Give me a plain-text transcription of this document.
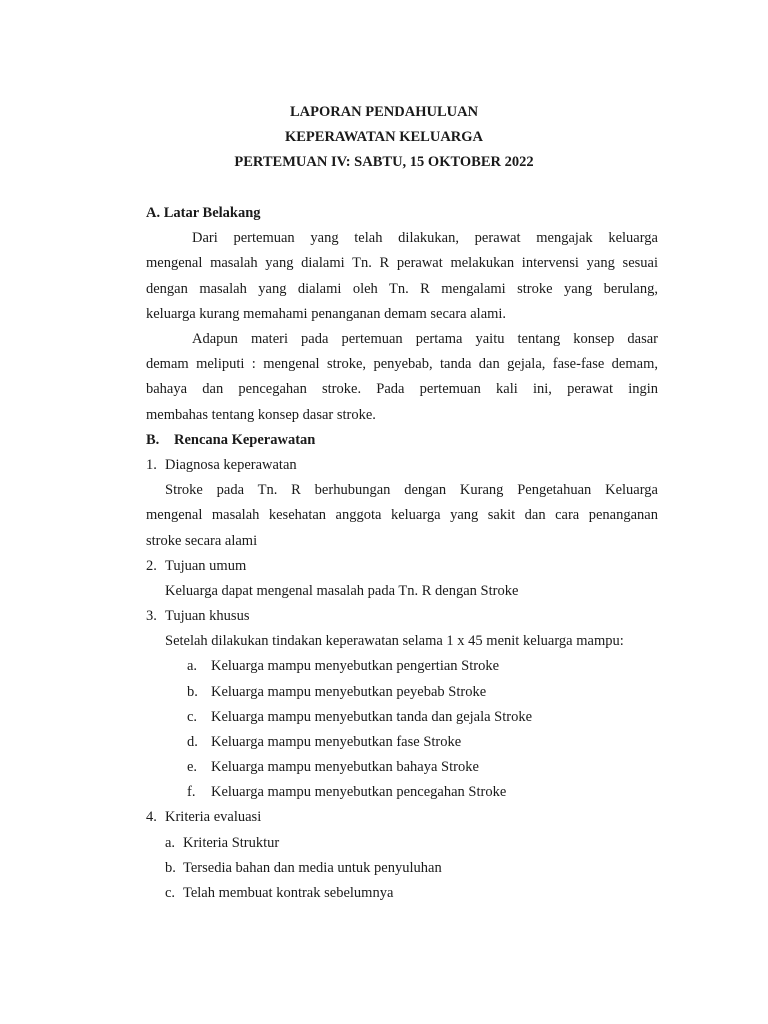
LAPORAN PENDAHULUAN
KEPERAWATAN KELUARGA
PERTEMUAN IV: SABTU, 15 OKTOBER 2022
A. Latar Belakang
Dari pertemuan yang telah dilakukan, perawat mengajak keluarga
mengenal masalah yang dialami Tn. R perawat melakukan intervensi yang sesuai
dengan masalah yang dialami oleh Tn. R mengalami stroke yang berulang,
keluarga kurang memahami penanganan demam secara alami.
Adapun materi pada pertemuan pertama yaitu tentang konsep dasar
demam meliputi : mengenal stroke, penyebab, tanda dan gejala, fase-fase demam,
bahaya dan pencegahan stroke. Pada pertemuan kali ini, perawat ingin
membahas tentang konsep dasar stroke.
B. Rencana Keperawatan
1. Diagnosa keperawatan
Stroke pada Tn. R berhubungan dengan Kurang Pengetahuan Keluarga
mengenal masalah kesehatan anggota keluarga yang sakit dan cara penanganan
stroke secara alami
2. Tujuan umum
Keluarga dapat mengenal masalah pada Tn. R dengan Stroke
3. Tujuan khusus
Setelah dilakukan tindakan keperawatan selama 1 x 45 menit keluarga mampu:
a. Keluarga mampu menyebutkan pengertian Stroke
b. Keluarga mampu menyebutkan peyebab Stroke
c. Keluarga mampu menyebutkan tanda dan gejala Stroke
d. Keluarga mampu menyebutkan fase Stroke
e. Keluarga mampu menyebutkan bahaya Stroke
f. Keluarga mampu menyebutkan pencegahan Stroke
4. Kriteria evaluasi
a. Kriteria Struktur
b. Tersedia bahan dan media untuk penyuluhan
c. Telah membuat kontrak sebelumnya
